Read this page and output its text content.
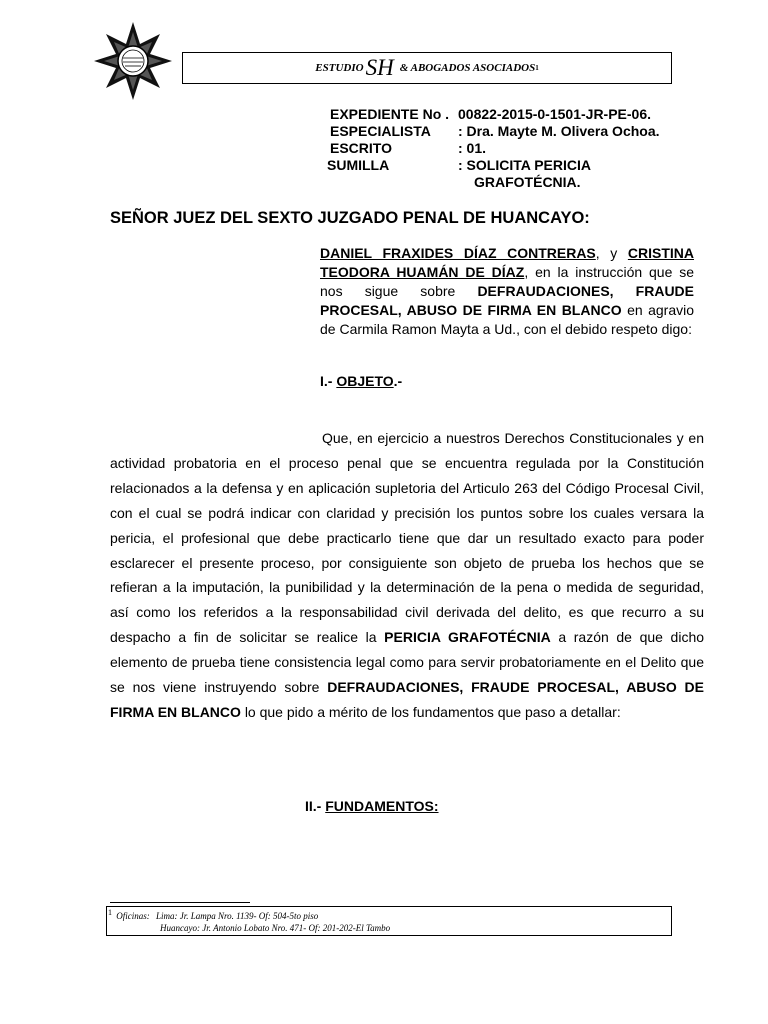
ESTUDIO SH & ABOGADOS ASOCIADOS 1
EXPEDIENTE No . 00822-2015-0-1501-JR-PE-06.
ESPECIALISTA	: Dra. Mayte M. Olivera Ochoa.
ESCRITO	: 01.
SUMILLA	: SOLICITA PERICIA
GRAFOTÉCNIA.
SEÑOR JUEZ DEL SEXTO JUZGADO PENAL DE HUANCAYO:
DANIEL FRAXIDES DÍAZ CONTRERAS, y CRISTINA TEODORA HUAMÁN DE DÍAZ, en la instrucción que se nos sigue sobre DEFRAUDACIONES, FRAUDE PROCESAL, ABUSO DE FIRMA EN BLANCO en agravio de Carmila Ramon Mayta a Ud., con el debido respeto digo:
I.- OBJETO.-
Que, en ejercicio a nuestros Derechos Constitucionales y en actividad probatoria en el proceso penal que se encuentra regulada por la Constitución relacionados a la defensa y en aplicación supletoria del Articulo 263 del Código Procesal Civil, con el cual se podrá indicar con claridad y precisión los puntos sobre los cuales versara la pericia, el profesional que debe practicarlo tiene que dar un resultado exacto para poder esclarecer el presente proceso, por consiguiente son objeto de prueba los hechos que se refieran a la imputación, la punibilidad y la determinación de la pena o medida de seguridad, así como los referidos a la responsabilidad civil derivada del delito, es que recurro a su despacho a fin de solicitar se realice la PERICIA GRAFOTÉCNIA a razón de que dicho elemento de prueba tiene consistencia legal como para servir probatoriamente en el Delito que se nos viene instruyendo sobre DEFRAUDACIONES, FRAUDE PROCESAL, ABUSO DE FIRMA EN BLANCO lo que pido a mérito de los fundamentos que paso a detallar:
II.- FUNDAMENTOS:
$^1$ Oficinas: Lima: Jr. Lampa Nro. 1139- Of: 504-5to piso
Huancayo: Jr. Antonio Lobato Nro. 471- Of: 201-202-El Tambo
